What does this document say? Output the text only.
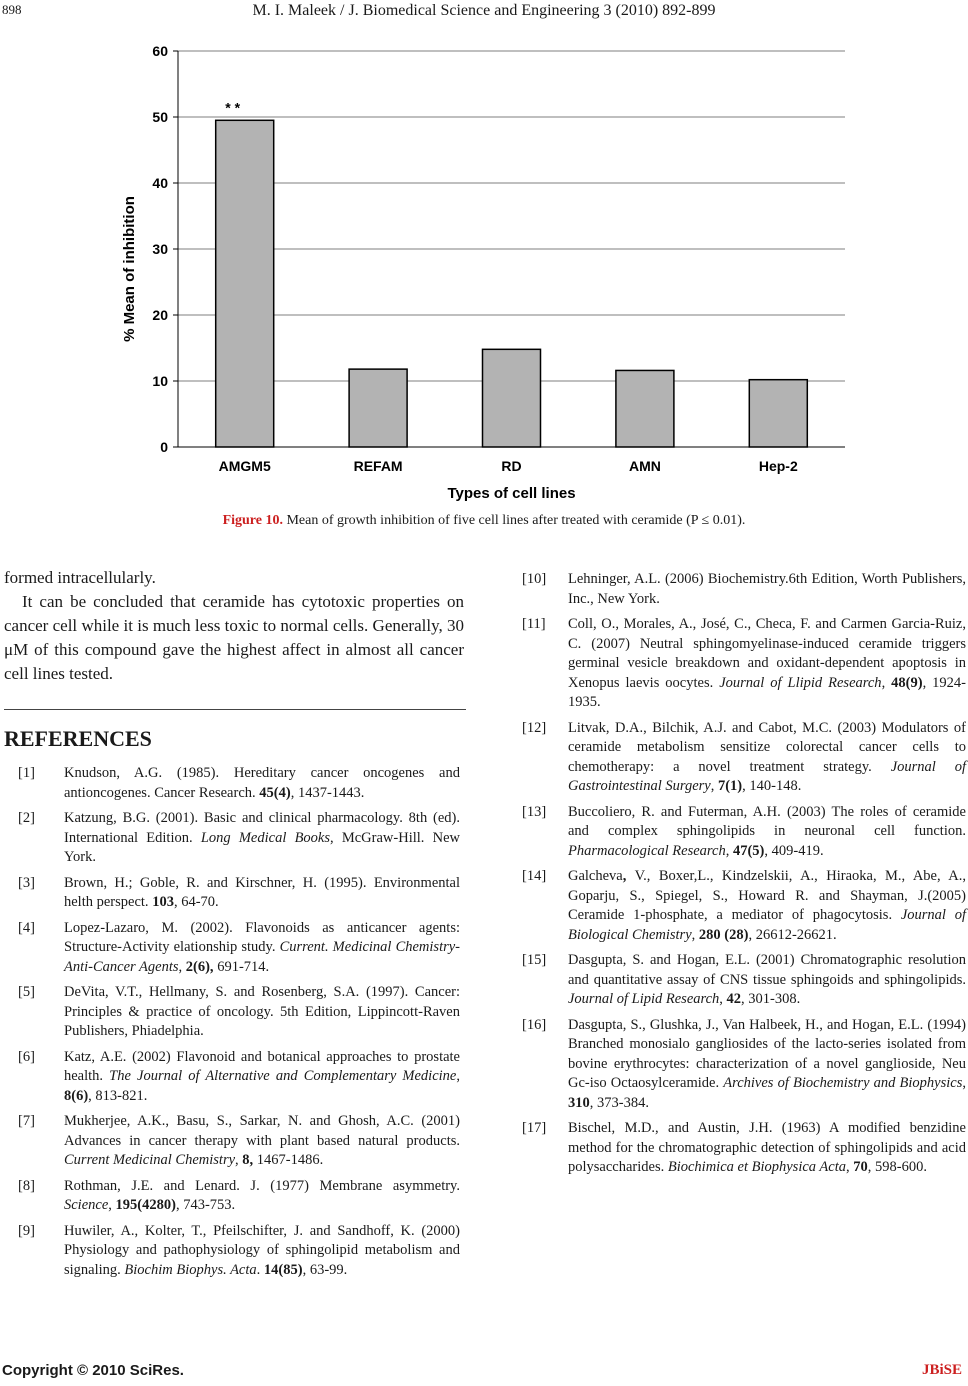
898	M. I. Maleek / J. Biomedical Science and Engineering 3 (2010) 892-899
0
10
20
30
40
50
60
AMGM5	REFAM	RD	AMN	Hep-2
* *
Types of cell lines
% Mean of inhibition
Figure 10. Mean of growth inhibition of five cell lines after treated with ceramide (P ≤ 0.01).

formed intracellularly.

It can be concluded that ceramide has cytotoxic properties on cancer cell while it is much less toxic to normal cells. Generally, 30 μM of this compound gave the highest affect in almost all cancer cell lines tested.

REFERENCES
[1] Knudson, A.G. (1985). Hereditary cancer oncogenes and antioncogenes. Cancer Research. 45(4), 1437-1443.
[2] Katzung, B.G. (2001). Basic and clinical pharmacology. 8th (ed). International Edition. Long Medical Books, McGraw-Hill. New York.
[3] Brown, H.; Goble, R. and Kirschner, H. (1995). Environmental helth perspect. 103, 64-70.
[4] Lopez-Lazaro, M. (2002). Flavonoids as anticancer agents: Structure-Activity elationship study. Current. Medicinal Chemistry-Anti-Cancer Agents, 2(6), 691-714.
[5] DeVita, V.T., Hellmany, S. and Rosenberg, S.A. (1997). Cancer: Principles & practice of oncology. 5th Edition, Lippincott-Raven Publishers, Phiadelphia.
[6] Katz, A.E. (2002) Flavonoid and botanical approaches to prostate health. The Journal of Alternative and Complementary Medicine, 8(6), 813-821.
[7] Mukherjee, A.K., Basu, S., Sarkar, N. and Ghosh, A.C. (2001) Advances in cancer therapy with plant based natural products. Current Medicinal Chemistry, 8, 1467-1486.
[8] Rothman, J.E. and Lenard. J. (1977) Membrane asymmetry. Science, 195(4280), 743-753.
[9] Huwiler, A., Kolter, T., Pfeilschifter, J. and Sandhoff, K. (2000) Physiology and pathophysiology of sphingolipid metabolism and signaling. Biochim Biophys. Acta. 14(85), 63-99.
[10] Lehninger, A.L. (2006) Biochemistry.6th Edition, Worth Publishers, Inc., New York.
[11] Coll, O., Morales, A., José, C., Checa, F. and Carmen Garcia-Ruiz, C. (2007) Neutral sphingomyelinase-induced ceramide triggers germinal vesicle breakdown and oxidant-dependent apoptosis in Xenopus laevis oocytes. Journal of Llipid Research, 48(9), 1924-1935.
[12] Litvak, D.A., Bilchik, A.J. and Cabot, M.C. (2003) Modulators of ceramide metabolism sensitize colorectal cancer cells to chemotherapy: a novel treatment strategy. Journal of Gastrointestinal Surgery, 7(1), 140-148.
[13] Buccoliero, R. and Futerman, A.H. (2003) The roles of ceramide and complex sphingolipids in neuronal cell function. Pharmacological Research, 47(5), 409-419.
[14] Galcheva, V., Boxer,L., Kindzelskii, A., Hiraoka, M., Abe, A., Goparju, S., Spiegel, S., Howard R. and Shayman, J.(2005) Ceramide 1-phosphate, a mediator of phagocytosis. Journal of Biological Chemistry, 280 (28), 26612-26621.
[15] Dasgupta, S. and Hogan, E.L. (2001) Chromatographic resolution and quantitative assay of CNS tissue sphingoids and sphingolipids. Journal of Lipid Research, 42, 301-308.
[16] Dasgupta, S., Glushka, J., Van Halbeek, H., and Hogan, E.L. (1994) Branched monosialo gangliosides of the lacto-series isolated from bovine erythrocytes: characterization of a novel ganglioside, Neu Gc-iso Octaosylceramide. Archives of Biochemistry and Biophysics, 310, 373-384.
[17] Bischel, M.D., and Austin, J.H. (1963) A modified benzidine method for the chromatographic detection of sphingolipids and acid polysaccharides. Biochimica et Biophysica Acta, 70, 598-600.
Copyright © 2010 SciRes.	JBiSE
